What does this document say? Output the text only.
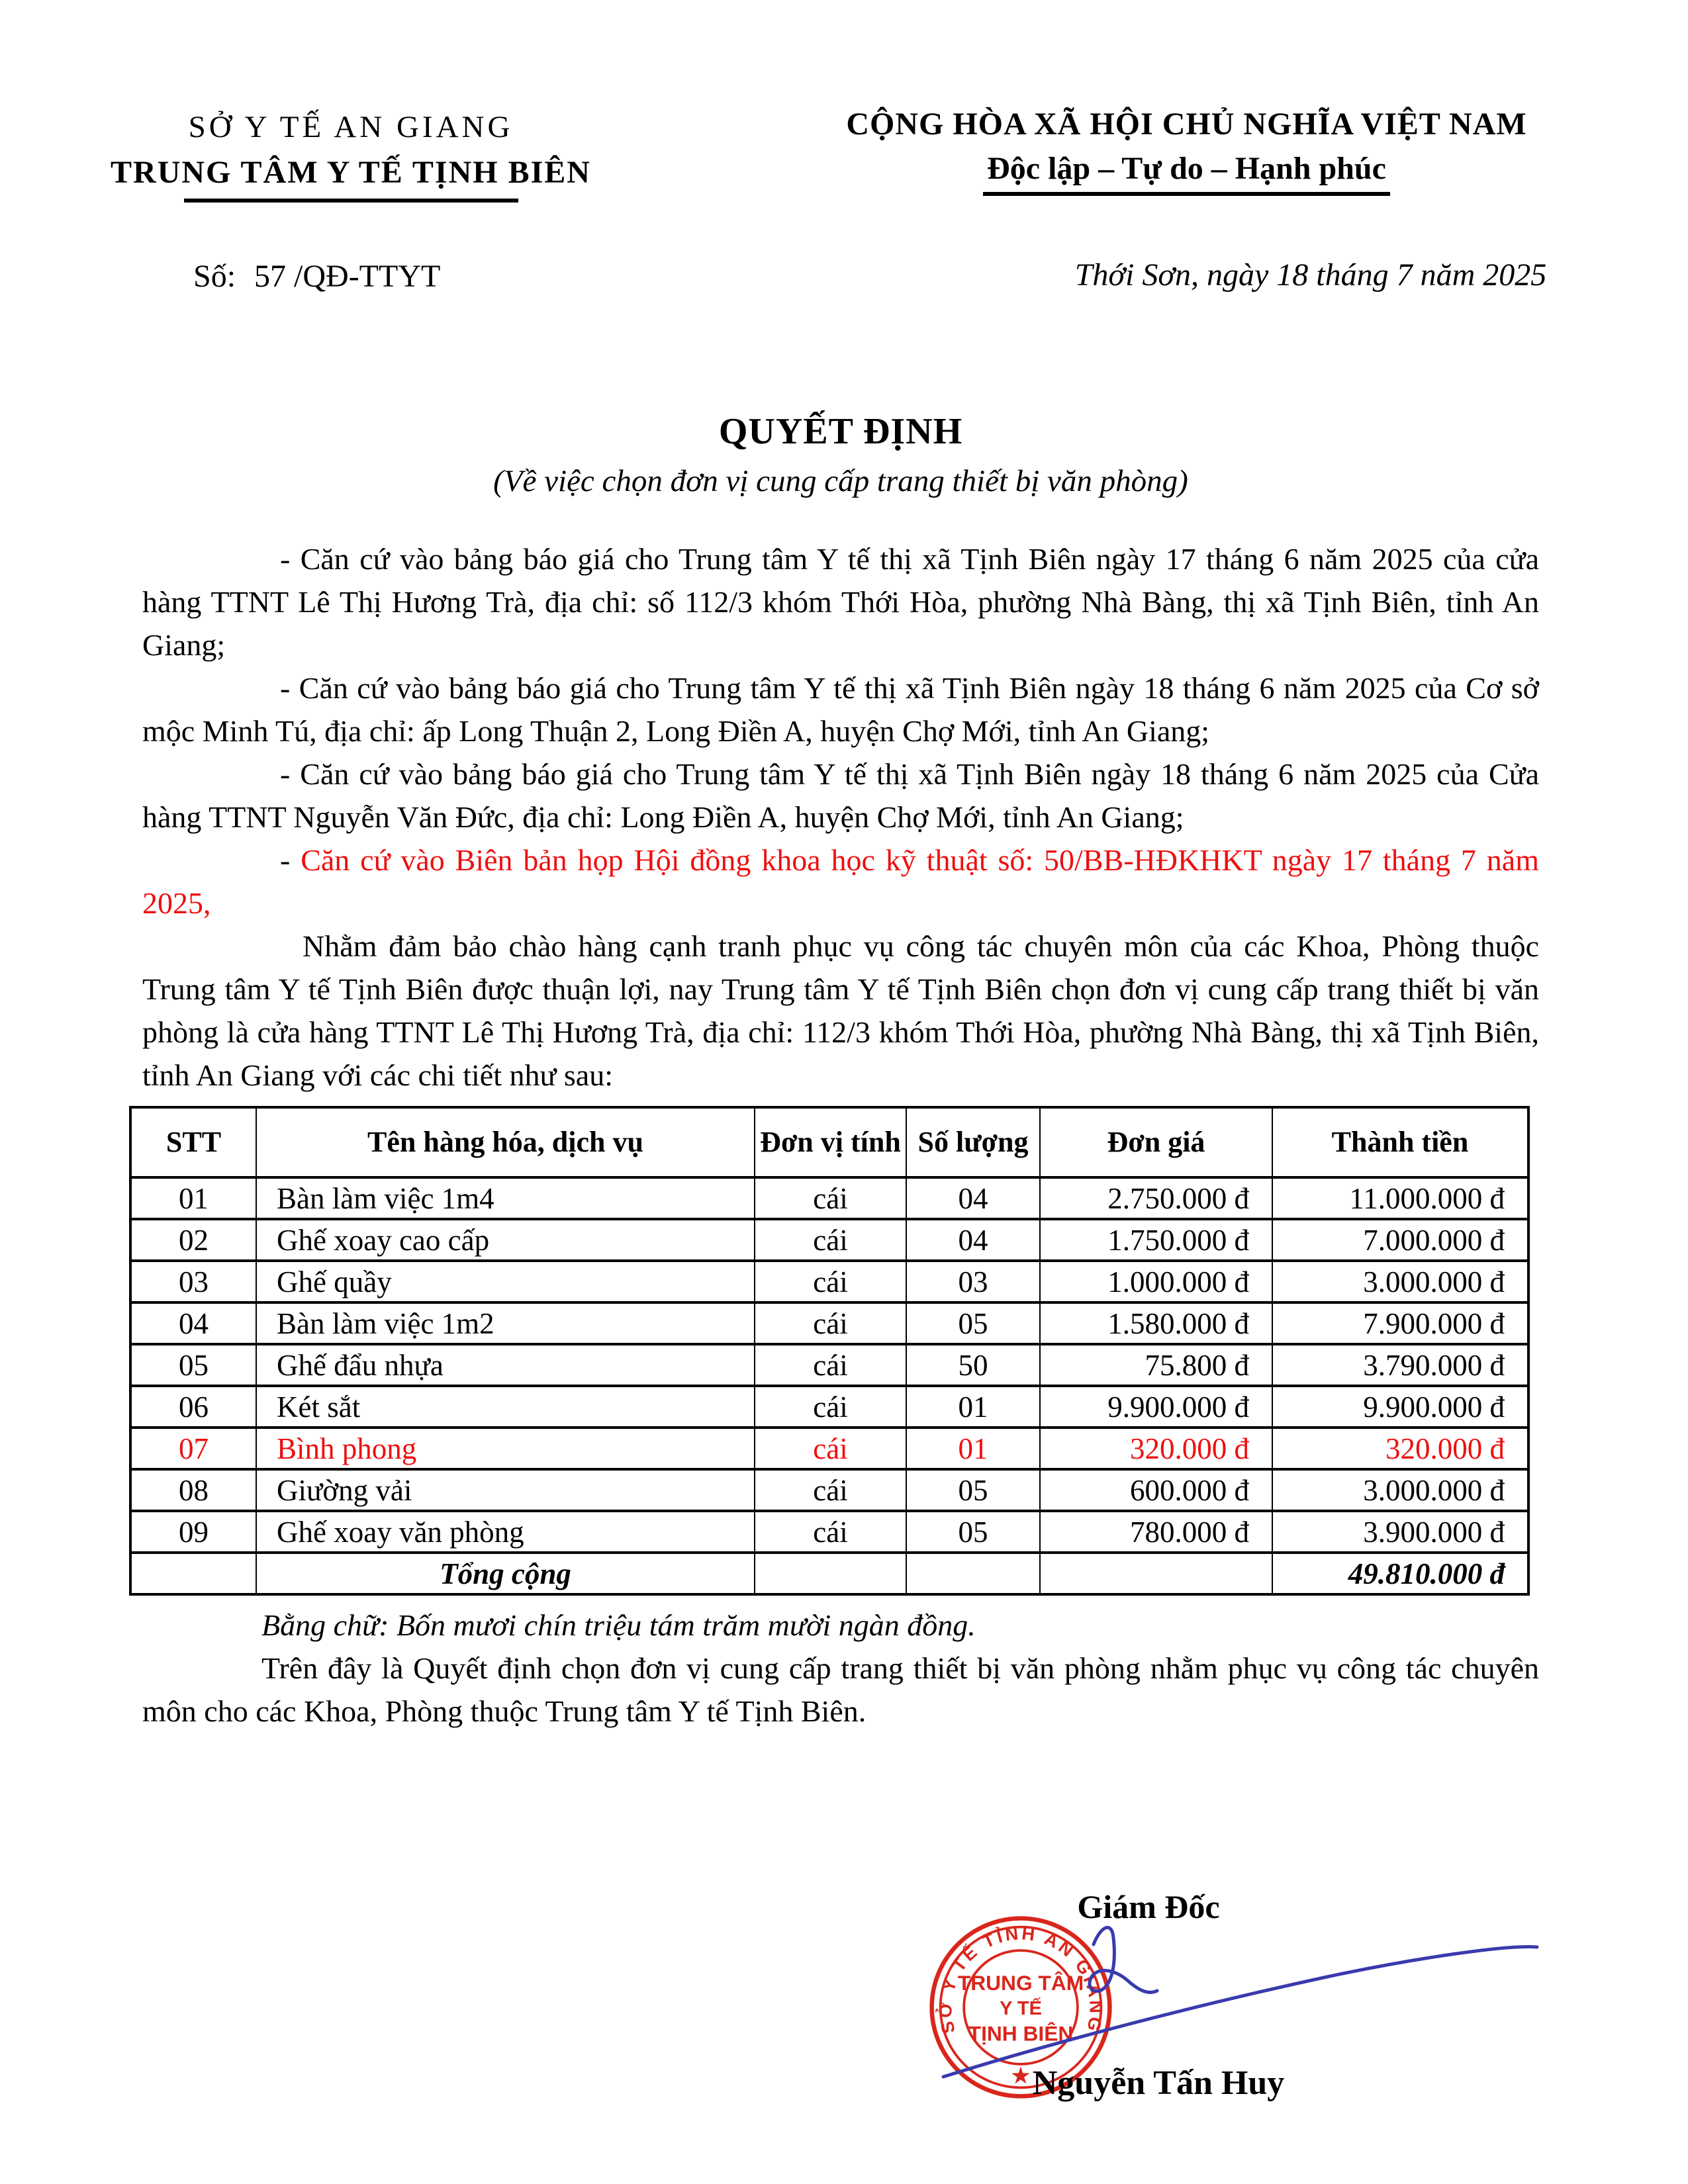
SỞ Y TẾ AN GIANG
TRUNG TÂM Y TẾ TỊNH BIÊN
CỘNG HÒA XÃ HỘI CHỦ NGHĨA VIỆT NAM
Độc lập – Tự do – Hạnh phúc
Số: 57 /QĐ-TTYT	Thới Sơn, ngày 18 tháng 7 năm 2025
QUYẾT ĐỊNH
(Về việc chọn đơn vị cung cấp trang thiết bị văn phòng)

- Căn cứ vào bảng báo giá cho Trung tâm Y tế thị xã Tịnh Biên ngày 17 tháng 6 năm 2025 của cửa hàng TTNT Lê Thị Hương Trà, địa chỉ: số 112/3 khóm Thới Hòa, phường Nhà Bàng, thị xã Tịnh Biên, tỉnh An Giang;

- Căn cứ vào bảng báo giá cho Trung tâm Y tế thị xã Tịnh Biên ngày 18 tháng 6 năm 2025 của Cơ sở mộc Minh Tú, địa chỉ: ấp Long Thuận 2, Long Điền A, huyện Chợ Mới, tỉnh An Giang;

- Căn cứ vào bảng báo giá cho Trung tâm Y tế thị xã Tịnh Biên ngày 18 tháng 6 năm 2025 của Cửa hàng TTNT Nguyễn Văn Đức, địa chỉ: Long Điền A, huyện Chợ Mới, tỉnh An Giang;

- Căn cứ vào Biên bản họp Hội đồng khoa học kỹ thuật số: 50/BB-HĐKHKT ngày 17 tháng 7 năm 2025,

Nhằm đảm bảo chào hàng cạnh tranh phục vụ công tác chuyên môn của các Khoa, Phòng thuộc Trung tâm Y tế Tịnh Biên được thuận lợi, nay Trung tâm Y tế Tịnh Biên chọn đơn vị cung cấp trang thiết bị văn phòng là cửa hàng TTNT Lê Thị Hương Trà, địa chỉ: 112/3 khóm Thới Hòa, phường Nhà Bàng, thị xã Tịnh Biên, tỉnh An Giang với các chi tiết như sau:

STT	Tên hàng hóa, dịch vụ	Đơn vị tính	Số lượng	Đơn giá	Thành tiền
01	Bàn làm việc 1m4	cái	04	2.750.000 đ	11.000.000 đ
02	Ghế xoay cao cấp	cái	04	1.750.000 đ	7.000.000 đ
03	Ghế quầy	cái	03	1.000.000 đ	3.000.000 đ
04	Bàn làm việc 1m2	cái	05	1.580.000 đ	7.900.000 đ
05	Ghế đẩu nhựa	cái	50	75.800 đ	3.790.000 đ
06	Két sắt	cái	01	9.900.000 đ	9.900.000 đ
07	Bình phong	cái	01	320.000 đ	320.000 đ
08	Giường vải	cái	05	600.000 đ	3.000.000 đ
09	Ghế xoay văn phòng	cái	05	780.000 đ	3.900.000 đ
	Tổng cộng				49.810.000 đ
Bằng chữ: Bốn mươi chín triệu tám trăm mười ngàn đồng.
Trên đây là Quyết định chọn đơn vị cung cấp trang thiết bị văn phòng nhằm phục vụ công tác chuyên môn cho các Khoa, Phòng thuộc Trung tâm Y tế Tịnh Biên.
Giám Đốc
SỞ Y TẾ TỈNH AN GIANG
TRUNG TÂM
Y TẾ
TỊNH BIÊN
★ Nguyễn Tấn Huy
